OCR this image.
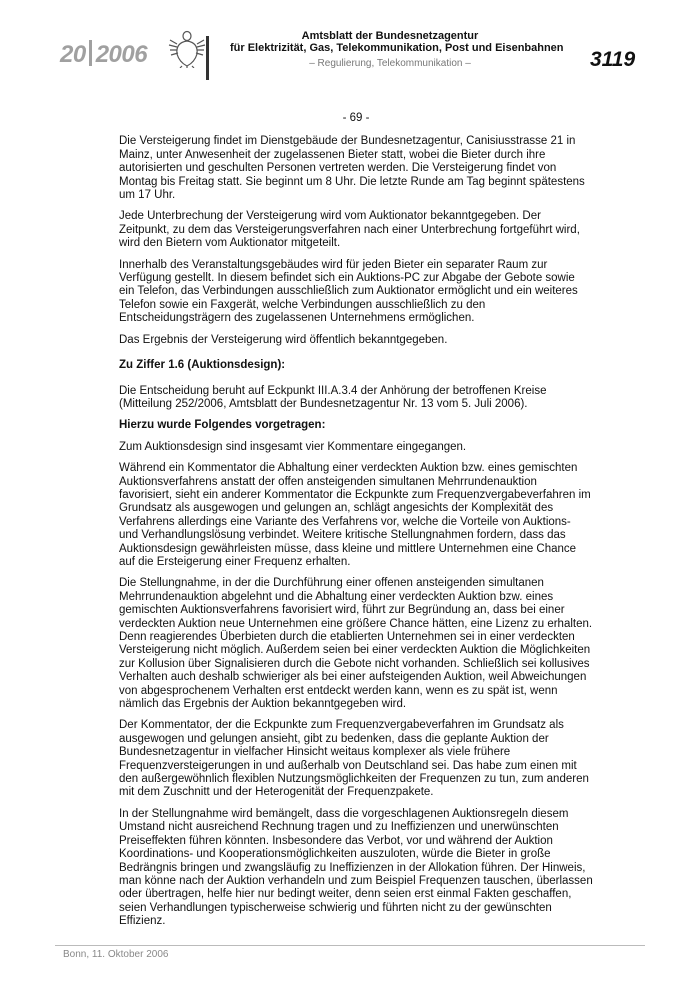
20 2006
Amtsblatt der Bundesnetzagentur
für Elektrizität, Gas, Telekommunikation, Post und Eisenbahnen
– Regulierung, Telekommunikation –	3119

- 69 -

Die Versteigerung findet im Dienstgebäude der Bundesnetzagentur, Canisiusstrasse 21 in Mainz, unter Anwesenheit der zugelassenen Bieter statt, wobei die Bieter durch ihre autorisierten und geschulten Personen vertreten werden. Die Versteigerung findet von Montag bis Freitag statt. Sie beginnt um 8 Uhr. Die letzte Runde am Tag beginnt spätestens um 17 Uhr.

Jede Unterbrechung der Versteigerung wird vom Auktionator bekanntgegeben. Der Zeitpunkt, zu dem das Versteigerungsverfahren nach einer Unterbrechung fortgeführt wird, wird den Bietern vom Auktionator mitgeteilt.

Innerhalb des Veranstaltungsgebäudes wird für jeden Bieter ein separater Raum zur Verfügung gestellt. In diesem befindet sich ein Auktions-PC zur Abgabe der Gebote sowie ein Telefon, das Verbindungen ausschließlich zum Auktionator ermöglicht und ein weiteres Telefon sowie ein Faxgerät, welche Verbindungen ausschließlich zu den Entscheidungsträgern des zugelassenen Unternehmens ermöglichen.

Das Ergebnis der Versteigerung wird öffentlich bekanntgegeben.

Zu Ziffer 1.6 (Auktionsdesign):

Die Entscheidung beruht auf Eckpunkt III.A.3.4 der Anhörung der betroffenen Kreise (Mitteilung 252/2006, Amtsblatt der Bundesnetzagentur Nr. 13 vom 5. Juli 2006).

Hierzu wurde Folgendes vorgetragen:

Zum Auktionsdesign sind insgesamt vier Kommentare eingegangen.

Während ein Kommentator die Abhaltung einer verdeckten Auktion bzw. eines gemischten Auktionsverfahrens anstatt der offen ansteigenden simultanen Mehrrundenauktion favorisiert, sieht ein anderer Kommentator die Eckpunkte zum Frequenzvergabeverfahren im Grundsatz als ausgewogen und gelungen an, schlägt angesichts der Komplexität des Verfahrens allerdings eine Variante des Verfahrens vor, welche die Vorteile von Auktions- und Verhandlungslösung verbindet. Weitere kritische Stellungnahmen fordern, dass das Auktionsdesign gewährleisten müsse, dass kleine und mittlere Unternehmen eine Chance auf die Ersteigerung einer Frequenz erhalten.

Die Stellungnahme, in der die Durchführung einer offenen ansteigenden simultanen Mehrrundenauktion abgelehnt und die Abhaltung einer verdeckten Auktion bzw. eines gemischten Auktionsverfahrens favorisiert wird, führt zur Begründung an, dass bei einer verdeckten Auktion neue Unternehmen eine größere Chance hätten, eine Lizenz zu erhalten. Denn reagierendes Überbieten durch die etablierten Unternehmen sei in einer verdeckten Versteigerung nicht möglich. Außerdem seien bei einer verdeckten Auktion die Möglichkeiten zur Kollusion über Signalisieren durch die Gebote nicht vorhanden. Schließlich sei kollusives Verhalten auch deshalb schwieriger als bei einer aufsteigenden Auktion, weil Abweichungen von abgesprochenem Verhalten erst entdeckt werden kann, wenn es zu spät ist, wenn nämlich das Ergebnis der Auktion bekanntgegeben wird.

Der Kommentator, der die Eckpunkte zum Frequenzvergabeverfahren im Grundsatz als ausgewogen und gelungen ansieht, gibt zu bedenken, dass die geplante Auktion der Bundesnetzagentur in vielfacher Hinsicht weitaus komplexer als viele frühere Frequenzversteigerungen in und außerhalb von Deutschland sei. Das habe zum einen mit den außergewöhnlich flexiblen Nutzungsmöglichkeiten der Frequenzen zu tun, zum anderen mit dem Zuschnitt und der Heterogenität der Frequenzpakete.

In der Stellungnahme wird bemängelt, dass die vorgeschlagenen Auktionsregeln diesem Umstand nicht ausreichend Rechnung tragen und zu Ineffizienzen und unerwünschten Preiseffekten führen könnten. Insbesondere das Verbot, vor und während der Auktion Koordinations- und Kooperationsmöglichkeiten auszuloten, würde die Bieter in große Bedrängnis bringen und zwangsläufig zu Ineffizienzen in der Allokation führen. Der Hinweis, man könne nach der Auktion verhandeln und zum Beispiel Frequenzen tauschen, überlassen oder übertragen, helfe hier nur bedingt weiter, denn seien erst einmal Fakten geschaffen, seien Verhandlungen typischerweise schwierig und führten nicht zu der gewünschten Effizienz.

Bonn, 11. Oktober 2006
